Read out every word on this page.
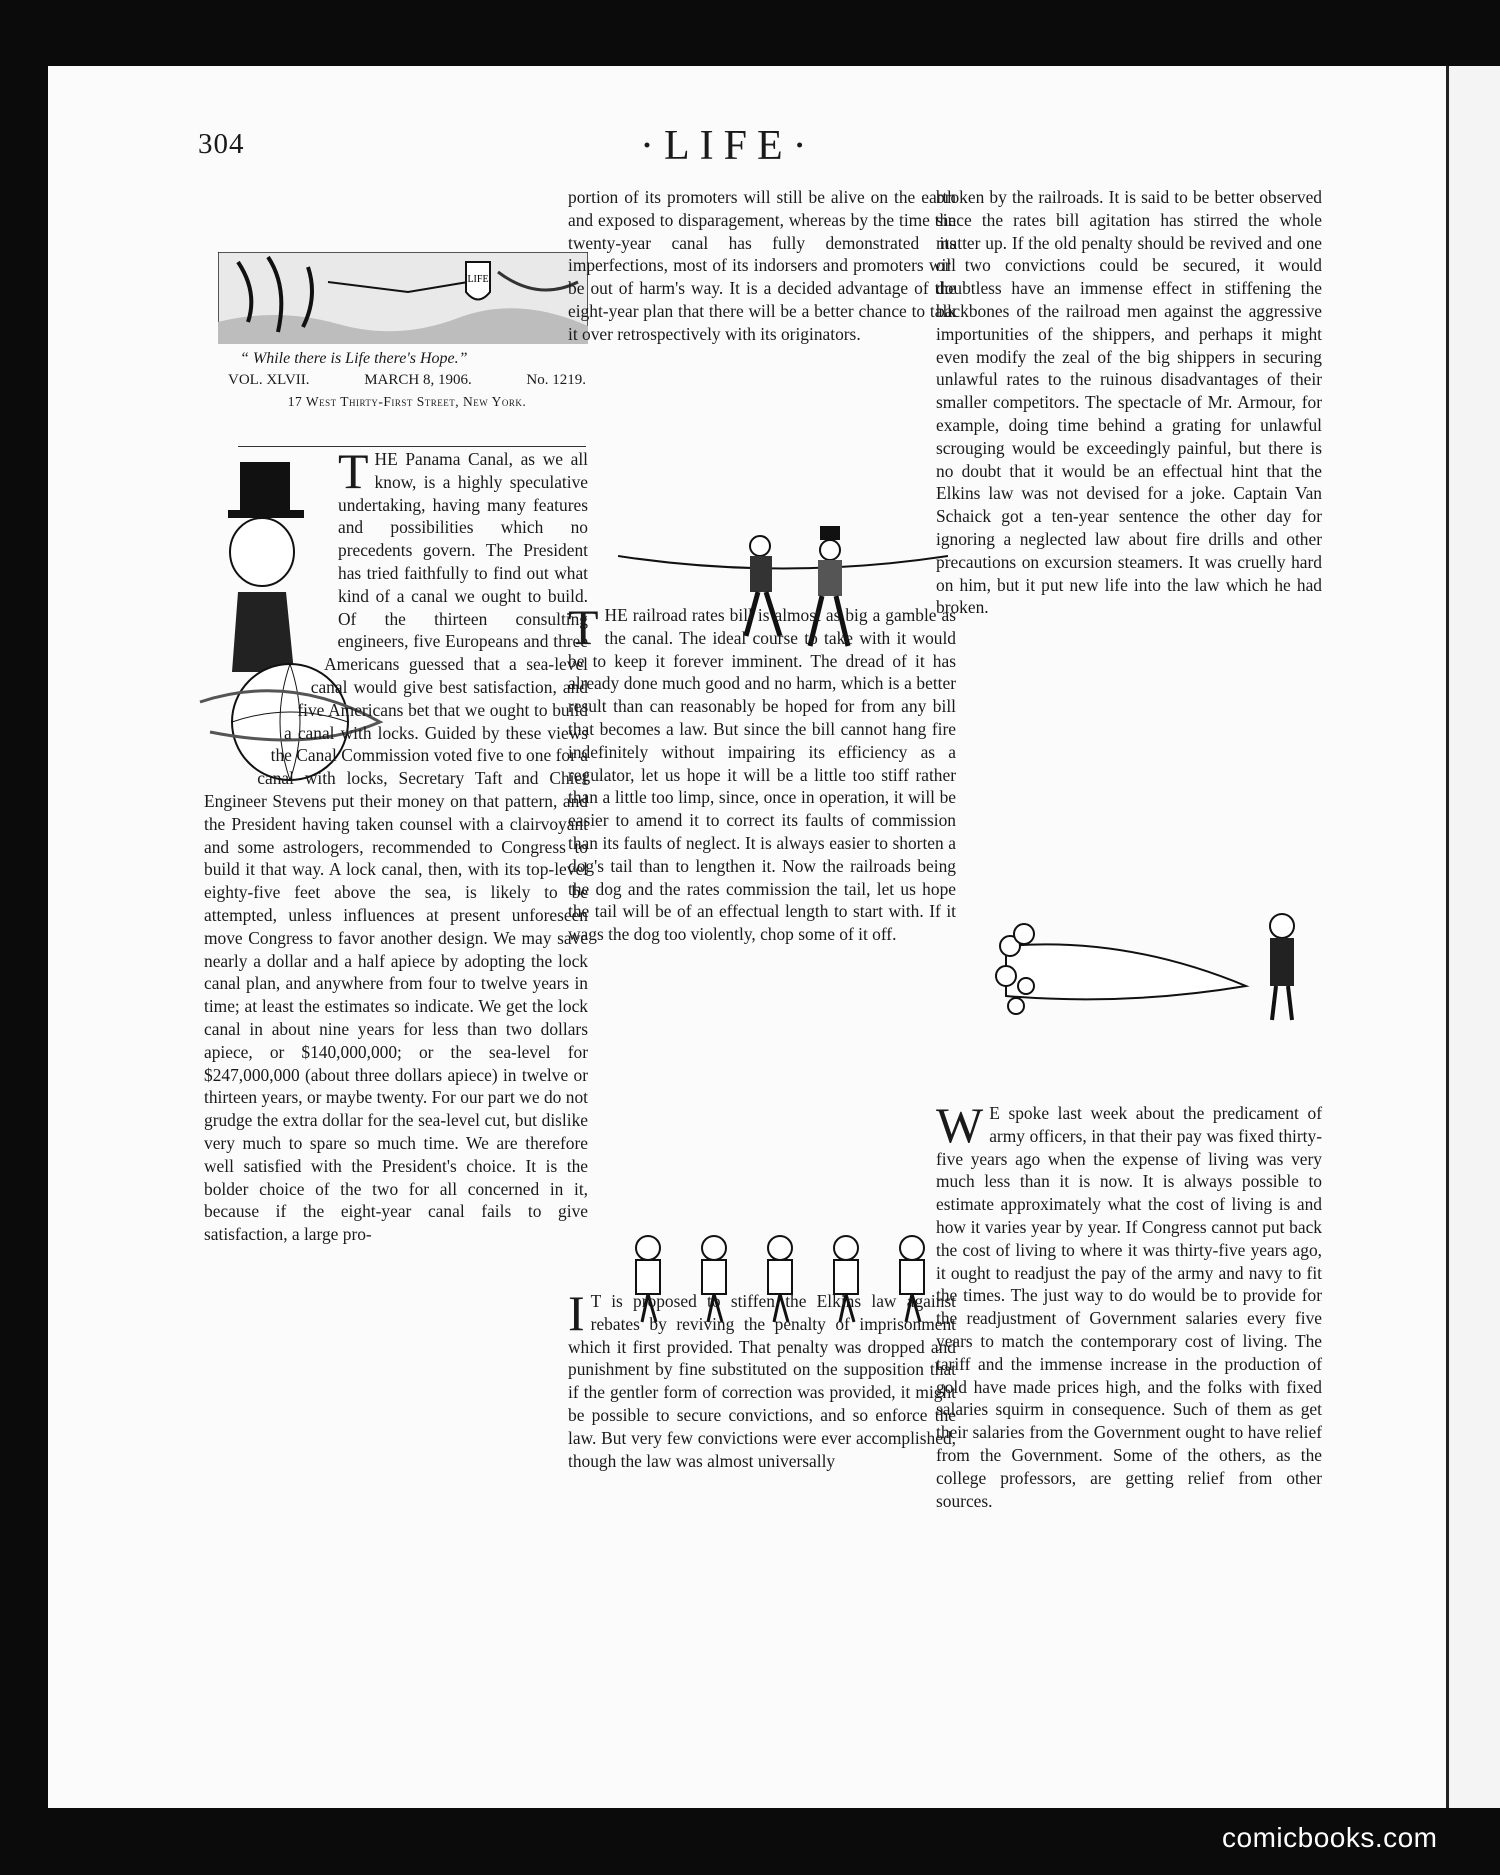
304	·LIFE·
LIFE
“ While there is Life there's Hope.”
VOL. XLVII.	MARCH 8, 1906.	No. 1219.
17 West Thirty-First Street, New York.
T HE Panama Canal, as we all know, is a highly speculative undertaking, having many features and possibilities which no precedents govern. The President has tried faithfully to find out what kind of a canal we ought to build. Of the thirteen consulting engineers, five Europeans and three Americans guessed that a sea-level canal would give best satisfaction, and five Americans bet that we ought to build a canal with locks. Guided by these views the Canal Commission voted five to one for a canal with locks, Secretary Taft and Chief Engineer Stevens put their money on that pattern, and the President having taken counsel with a clairvoyant and some astrologers, recommended to Congress to build it that way. A lock canal, then, with its top-level eighty-five feet above the sea, is likely to be attempted, unless influences at present unforeseen move Congress to favor another design. We may save nearly a dollar and a half apiece by adopting the lock canal plan, and anywhere from four to twelve years in time; at least the estimates so indicate. We get the lock canal in about nine years for less than two dollars apiece, or $140,000,000; or the sea-level for $247,000,000 (about three dollars apiece) in twelve or thirteen years, or maybe twenty. For our part we do not grudge the extra dollar for the sea-level cut, but dislike very much to spare so much time. We are therefore well satisfied with the President's choice. It is the bolder choice of the two for all concerned in it, because if the eight-year canal fails to give satisfaction, a large pro-

portion of its promoters will still be alive on the earth and exposed to disparagement, whereas by the time the twenty-year canal has fully demonstrated its imperfections, most of its indorsers and promoters will be out of harm's way. It is a decided advantage of the eight-year plan that there will be a better chance to talk it over retrospectively with its originators.

T HE railroad rates bill is almost as big a gamble as the canal. The ideal course to take with it would be to keep it forever imminent. The dread of it has already done much good and no harm, which is a better result than can reasonably be hoped for from any bill that becomes a law. But since the bill cannot hang fire indefinitely without impairing its efficiency as a regulator, let us hope it will be a little too stiff rather than a little too limp, since, once in operation, it will be easier to amend it to correct its faults of commission than its faults of neglect. It is always easier to shorten a dog's tail than to lengthen it. Now the railroads being the dog and the rates commission the tail, let us hope the tail will be of an effectual length to start with. If it wags the dog too violently, chop some of it off.

I T is proposed to stiffen the Elkins law against rebates by reviving the penalty of imprisonment which it first provided. That penalty was dropped and punishment by fine substituted on the supposition that if the gentler form of correction was provided, it might be possible to secure convictions, and so enforce the law. But very few convictions were ever accomplished, though the law was almost universally

broken by the railroads. It is said to be better observed since the rates bill agitation has stirred the whole matter up. If the old penalty should be revived and one or two convictions could be secured, it would doubtless have an immense effect in stiffening the backbones of the railroad men against the aggressive importunities of the shippers, and perhaps it might even modify the zeal of the big shippers in securing unlawful rates to the ruinous disadvantages of their smaller competitors. The spectacle of Mr. Armour, for example, doing time behind a grating for unlawful scrouging would be exceedingly painful, but there is no doubt that it would be an effectual hint that the Elkins law was not devised for a joke. Captain Van Schaick got a ten-year sentence the other day for ignoring a neglected law about fire drills and other precautions on excursion steamers. It was cruelly hard on him, but it put new life into the law which he had broken.

W E spoke last week about the predicament of army officers, in that their pay was fixed thirty-five years ago when the expense of living was very much less than it is now. It is always possible to estimate approximately what the cost of living is and how it varies year by year. If Congress cannot put back the cost of living to where it was thirty-five years ago, it ought to readjust the pay of the army and navy to fit the times. The just way to do would be to provide for the readjustment of Government salaries every five years to match the contemporary cost of living. The tariff and the immense increase in the production of gold have made prices high, and the folks with fixed salaries squirm in consequence. Such of them as get their salaries from the Government ought to have relief from the Government. Some of the others, as the college professors, are getting relief from other sources.

comicbooks.com
